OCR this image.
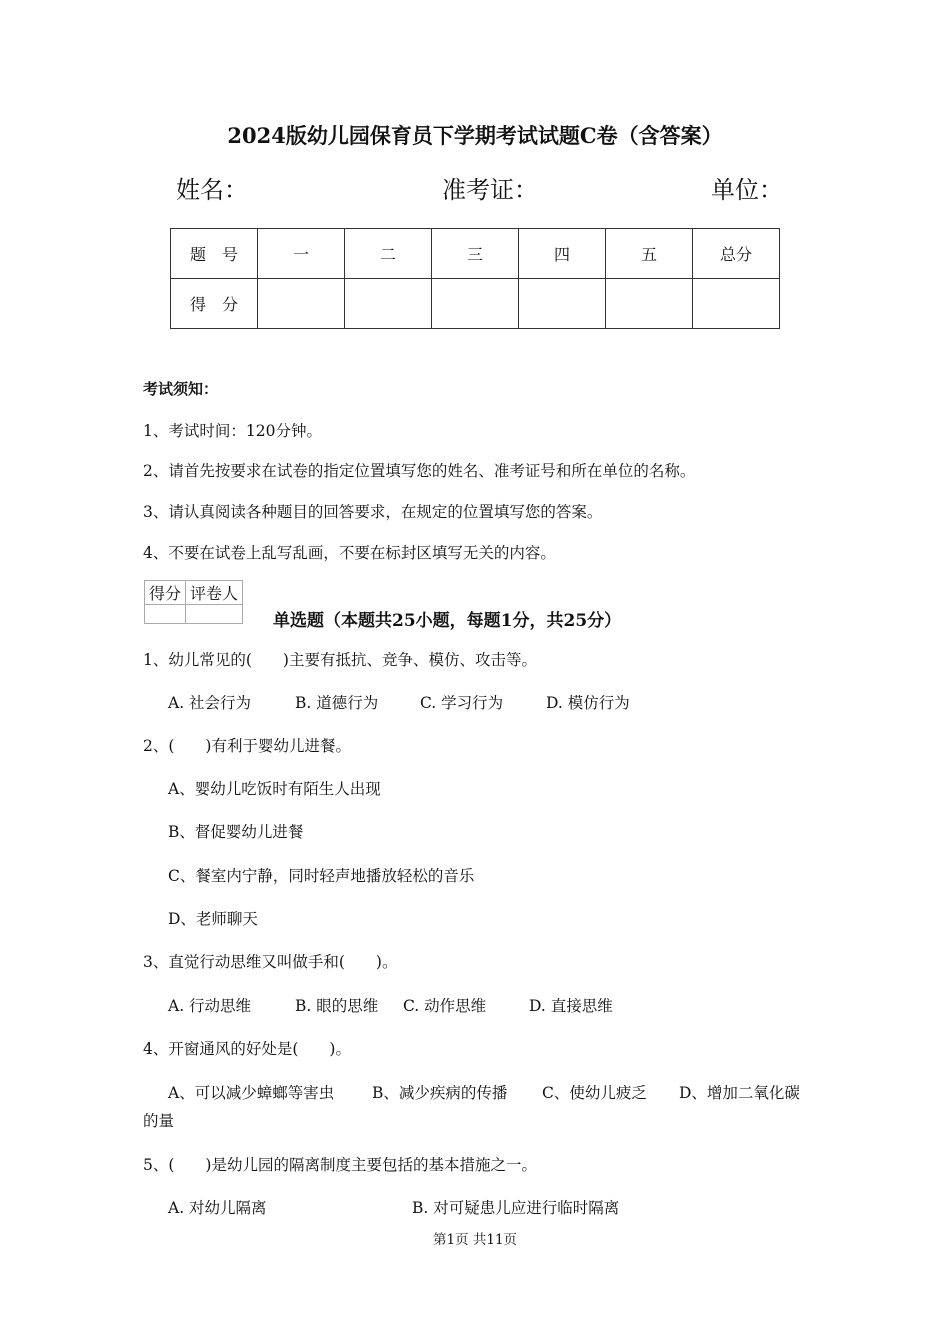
2024版幼儿园保育员下学期考试试题C卷（含答案）
姓名：	准考证：	单位：
题　号	一	二	三	四	五	总分
得　分						
考试须知：
1、考试时间：120分钟。
2、请首先按要求在试卷的指定位置填写您的姓名、准考证号和所在单位的名称。
3、请认真阅读各种题目的回答要求，在规定的位置填写您的答案。
4、不要在试卷上乱写乱画，不要在标封区填写无关的内容。
得分	评卷人

单选题（本题共25小题，每题1分，共25分）
1、幼儿常见的(　　)主要有抵抗、竞争、模仿、攻击等。
A. 社会行为	B. 道德行为	C. 学习行为	D. 模仿行为
2、(　　)有利于婴幼儿进餐。
A、婴幼儿吃饭时有陌生人出现
B、督促婴幼儿进餐
C、餐室内宁静，同时轻声地播放轻松的音乐
D、老师聊天
3、直觉行动思维又叫做手和(　　)。
A. 行动思维	B. 眼的思维 C. 动作思维	D. 直接思维
4、开窗通风的好处是(　　)。
A、可以减少蟑螂等害虫 B、减少疾病的传播 C、使幼儿疲乏 D、增加二氧化碳
的量
5、(　　)是幼儿园的隔离制度主要包括的基本措施之一。
A. 对幼儿隔离	B. 对可疑患儿应进行临时隔离
第1页 共11页
